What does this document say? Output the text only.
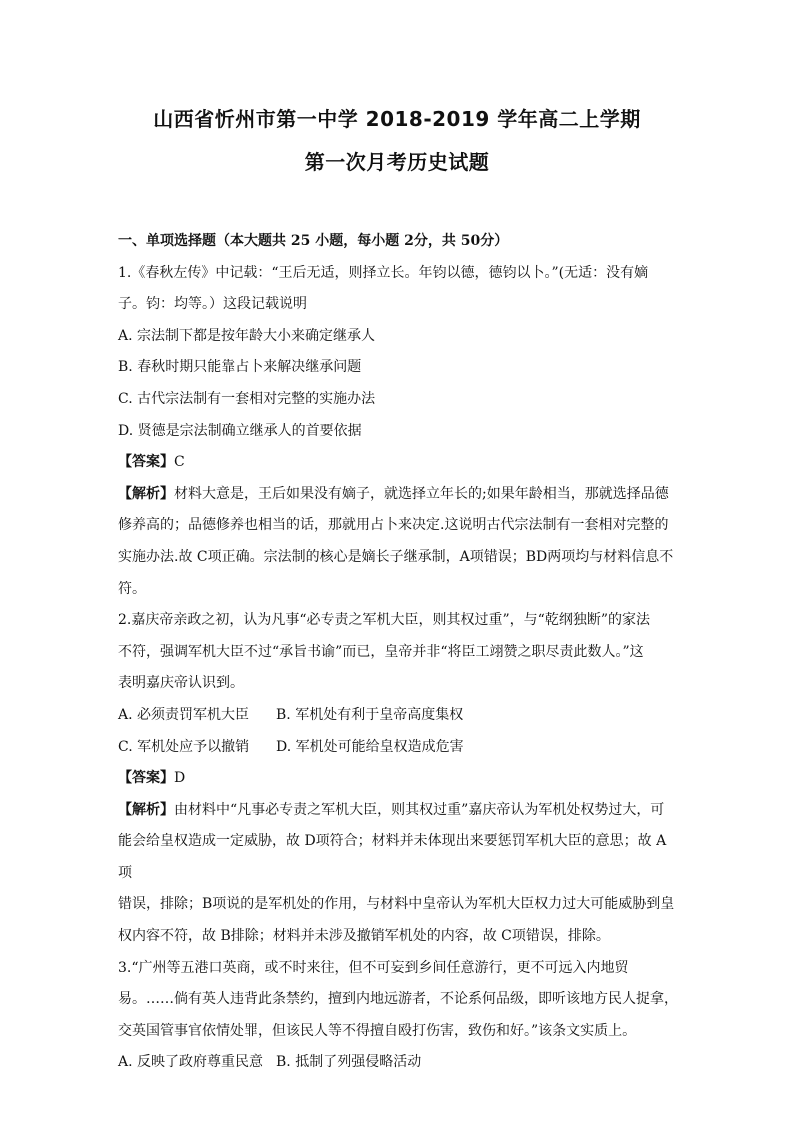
山西省忻州市第一中学 2018-2019 学年高二上学期
第一次月考历史试题

一、单项选择题（本大题共 25 小题，每小题 2分，共 50分）

1.《春秋左传》中记载：“王后无适，则择立长。年钧以德，德钧以卜。”(无适：没有嫡

子。钧：均等。）这段记载说明

A. 宗法制下都是按年龄大小来确定继承人

B. 春秋时期只能靠占卜来解决继承问题

C. 古代宗法制有一套相对完整的实施办法

D. 贤德是宗法制确立继承人的首要依据

【答案】C

【解析】材料大意是，王后如果没有嫡子，就选择立年长的;如果年龄相当，那就选择品德

修养高的；品德修养也相当的话，那就用占卜来决定.这说明古代宗法制有一套相对完整的

实施办法.故 C项正确。宗法制的核心是嫡长子继承制，A项错误；BD两项均与材料信息不

符。

2.嘉庆帝亲政之初，认为凡事“必专责之军机大臣，则其权过重”，与“乾纲独断”的家法

不符，强调军机大臣不过“承旨书谕”而已，皇帝并非“将臣工翊赞之职尽责此数人。”这

表明嘉庆帝认识到。

A. 必须责罚军机大臣	B. 军机处有利于皇帝高度集权

C. 军机处应予以撤销	D. 军机处可能给皇权造成危害

【答案】D

【解析】由材料中“凡事必专责之军机大臣，则其权过重”嘉庆帝认为军机处权势过大，可

能会给皇权造成一定威胁，故 D项符合；材料并未体现出来要惩罚军机大臣的意思；故 A项

错误，排除；B项说的是军机处的作用，与材料中皇帝认为军机大臣权力过大可能威胁到皇

权内容不符，故 B排除；材料并未涉及撤销军机处的内容，故 C项错误，排除。

3.“广州等五港口英商，或不时来往，但不可妄到乡间任意游行，更不可远入内地贸

易。……倘有英人违背此条禁约，擅到内地远游者，不论系何品级，即听该地方民人捉拿，

交英国管事官依情处罪，但该民人等不得擅自殴打伤害，致伤和好。”该条文实质上。

A. 反映了政府尊重民意 B. 抵制了列强侵略活动
